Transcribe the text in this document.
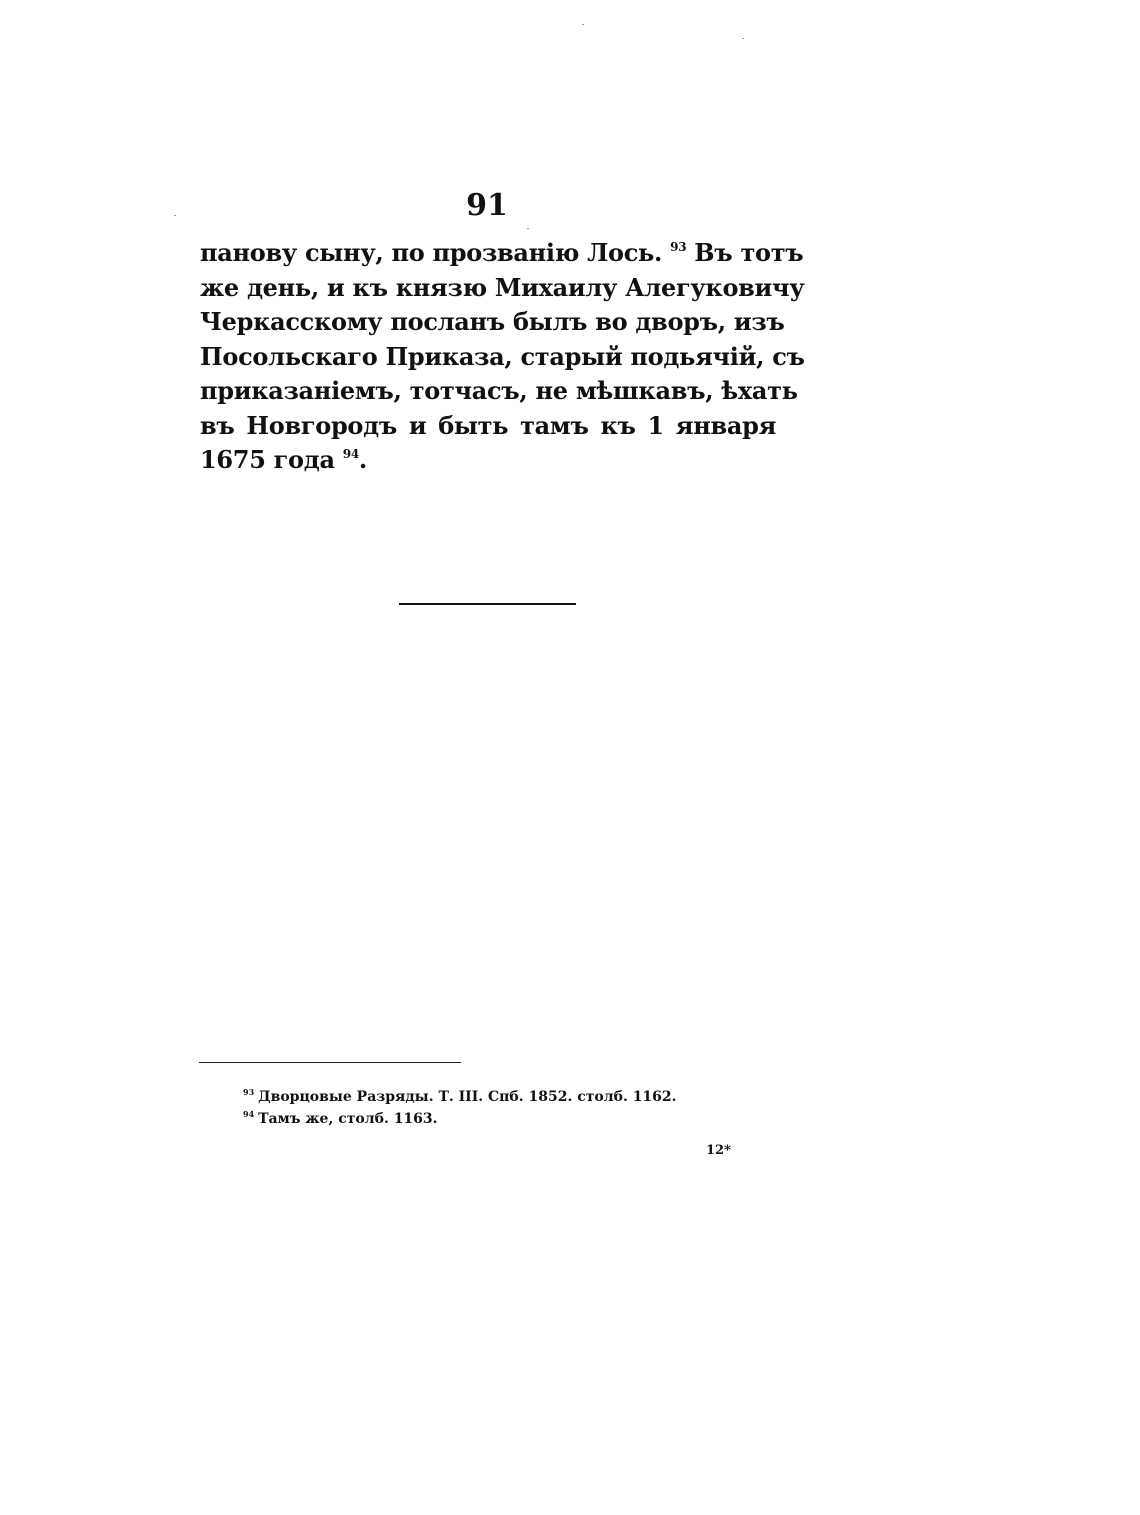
91
панову сыну, по прозванію Лось. $^{93}$ Въ тотъ
же день, и къ князю Михаилу Алегуковичу
Черкасскому посланъ былъ во дворъ, изъ
Посольскаго Приказа, старый подьячій, съ
приказаніемъ, тотчасъ, не мѣшкавъ, ѣхать
въ Новгородъ и быть тамъ къ 1 января
1675 года $^{94}$.
$^{93}$ Дворцовые Разряды. Т. III. Спб. 1852. столб. 1162.
$^{94}$ Тамъ же, столб. 1163.
12*
